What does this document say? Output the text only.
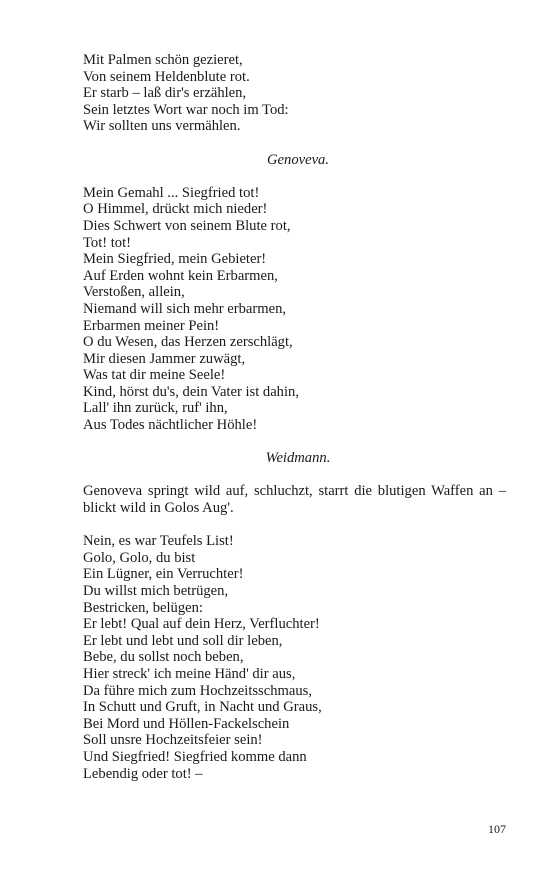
Mit Palmen schön gezieret,
Von seinem Heldenblute rot.
Er starb – laß dir's erzählen,
Sein letztes Wort war noch im Tod:
Wir sollten uns vermählen.
Genoveva.
Mein Gemahl ... Siegfried tot!
O Himmel, drückt mich nieder!
Dies Schwert von seinem Blute rot,
Tot! tot!
Mein Siegfried, mein Gebieter!
Auf Erden wohnt kein Erbarmen,
Verstoßen, allein,
Niemand will sich mehr erbarmen,
Erbarmen meiner Pein!
O du Wesen, das Herzen zerschlägt,
Mir diesen Jammer zuwägt,
Was tat dir meine Seele!
Kind, hörst du's, dein Vater ist dahin,
Lall' ihn zurück, ruf' ihn,
Aus Todes nächtlicher Höhle!
Weidmann.
Genoveva springt wild auf, schluchzt, starrt die blutigen Waffen an – blickt wild in Golos Aug'.
Nein, es war Teufels List!
Golo, Golo, du bist
Ein Lügner, ein Verruchter!
Du willst mich betrügen,
Bestricken, belügen:
Er lebt! Qual auf dein Herz, Verfluchter!
Er lebt und lebt und soll dir leben,
Bebe, du sollst noch beben,
Hier streck' ich meine Händ' dir aus,
Da führe mich zum Hochzeitsschmaus,
In Schutt und Gruft, in Nacht und Graus,
Bei Mord und Höllen-Fackelschein
Soll unsre Hochzeitsfeier sein!
Und Siegfried! Siegfried komme dann
Lebendig oder tot! –
107
